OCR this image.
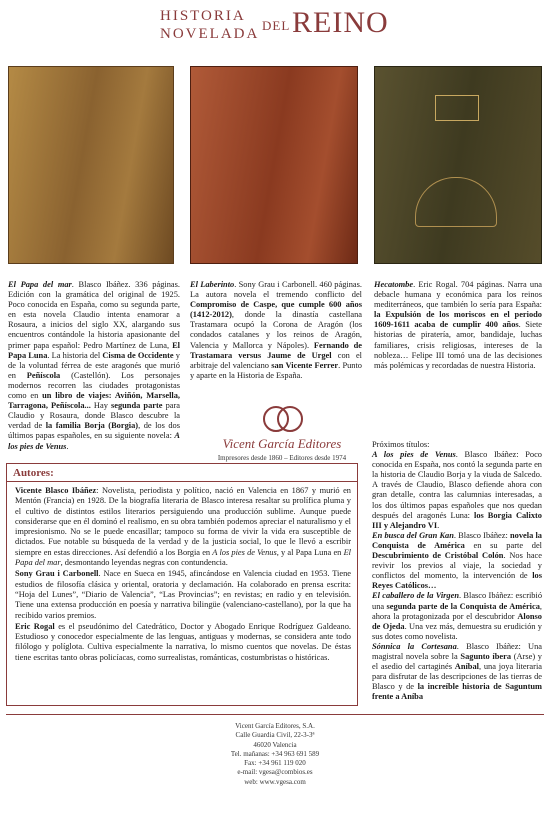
HISTORIA
NOVELADA
DEL REINO
El Papa del mar. Blasco Ibáñez. 336 páginas. Edición con la gramática del original de 1925. Poco conocida en España, como su segunda parte, en esta novela Claudio intenta enamorar a Rosaura, a inicios del siglo XX, alargando sus encuentros contándole la historia apasionante del primer papa español: Pedro Martínez de Luna, El Papa Luna. La historia del Cisma de Occidente y de la voluntad férrea de este aragonés que murió en Peñíscola (Castellón). Los personajes modernos recorren las ciudades protagonistas como en un libro de viajes: Aviñón, Marsella, Tarragona, Peñíscola... Hay segunda parte para Claudio y Rosaura, donde Blasco descubre la verdad de la familia Borja (Borgia), de los dos últimos papas españoles, en su siguiente novela: A los pies de Venus.
El Laberinto. Sony Grau i Carbonell. 460 páginas. La autora novela el tremendo conflicto del Compromiso de Caspe, que cumple 600 años (1412-2012), donde la dinastía castellana Trastamara ocupó la Corona de Aragón (los condados catalanes y los reinos de Aragón, Valencia y Mallorca y Nápoles). Fernando de Trastamara versus Jaume de Urgel con el arbitraje del valenciano san Vicente Ferrer. Punto y aparte en la Historia de España.
Hecatombe. Eric Rogal. 704 páginas. Narra una debacle humana y económica para los reinos mediterráneos, que también lo sería para España: la Expulsión de los moriscos en el periodo 1609-1611 acaba de cumplir 400 años. Siete historias de piratería, amor, bandidaje, luchas familiares, crisis religiosas, intereses de la nobleza… Felipe III tomó una de las decisiones más polémicas y recordadas de nuestra Historia.
Vicent García Editores
Impresores desde 1860 – Editores desde 1974
Próximos títulos:
A los pies de Venus. Blasco Ibáñez: Poco conocida en España, nos contó la segunda parte en la historia de Claudio Borja y la viuda de Salcedo. A través de Claudio, Blasco defiende ahora con gran detalle, contra las calumnias interesadas, a los dos últimos papas españoles que nos quedan después del aragonés Luna: los Borgia Calixto III y Alejandro VI.
En busca del Gran Kan. Blasco Ibáñez: novela la Conquista de América en su parte del Descubrimiento de Cristóbal Colón. Nos hace revivir los previos al viaje, la sociedad y conflictos del momento, la intervención de los Reyes Católicos…
El caballero de la Virgen. Blasco Ibáñez: escribió una segunda parte de la Conquista de América, ahora la protagonizada por el descubridor Alonso de Ojeda. Una vez más, demuestra su erudición y sus dotes como novelista.
Sónnica la Cortesana. Blasco Ibáñez: Una magistral novela sobre la Sagunto íbera (Arse) y el asedio del cartaginés Aníbal, una joya literaria para disfrutar de las descripciones de las tierras de Blasco y de la increíble historia de Saguntum frente a Aníba
Autores:

Vicente Blasco Ibáñez: Novelista, periodista y político, nació en Valencia en 1867 y murió en Mentón (Francia) en 1928. De la biografía literaria de Blasco interesa resaltar su prolífica pluma y el cultivo de distintos estilos literarios persiguiendo una producción sublime. Aunque puede considerarse que en él dominó el realismo, en su obra también podemos apreciar el naturalismo y el impresionismo. No se le puede encasillar; tampoco su forma de vivir la vida era susceptible de dictados. Fue notable su búsqueda de la verdad y de la justicia social, lo que le llevó a escribir siempre en estas direcciones. Así defendió a los Borgia en A los pies de Venus, y al Papa Luna en El Papa del mar, desmontando leyendas negras con contundencia.

Sony Grau i Carbonell. Nace en Sueca en 1945, afincándose en Valencia ciudad en 1953. Tiene estudios de filosofía clásica y oriental, oratoria y declamación. Ha colaborado en prensa escrita: “Hoja del Lunes”, “Diario de Valencia”, “Las Provincias”; en revistas; en radio y en televisión. Tiene una extensa producción en poesía y narrativa bilingüe (valenciano-castellano), por la que ha recibido varios premios.

Eric Rogal es el pseudónimo del Catedrático, Doctor y Abogado Enrique Rodríguez Galdeano. Estudioso y conocedor especialmente de las lenguas, antiguas y modernas, se considera ante todo filólogo y políglota. Cultiva especialmente la narrativa, lo mismo cuentos que novelas. De éstas tiene escritas tanto obras policíacas, como surrealistas, románticas, costumbristas o históricas.

Vicent García Editores, S.A.
Calle Guardia Civil, 22-3-3ª
46020 Valencia
Tel. mañanas: +34 963 691 589
Fax: +34 961 119 020
e-mail: vgesa@combios.es
web: www.vgesa.com
